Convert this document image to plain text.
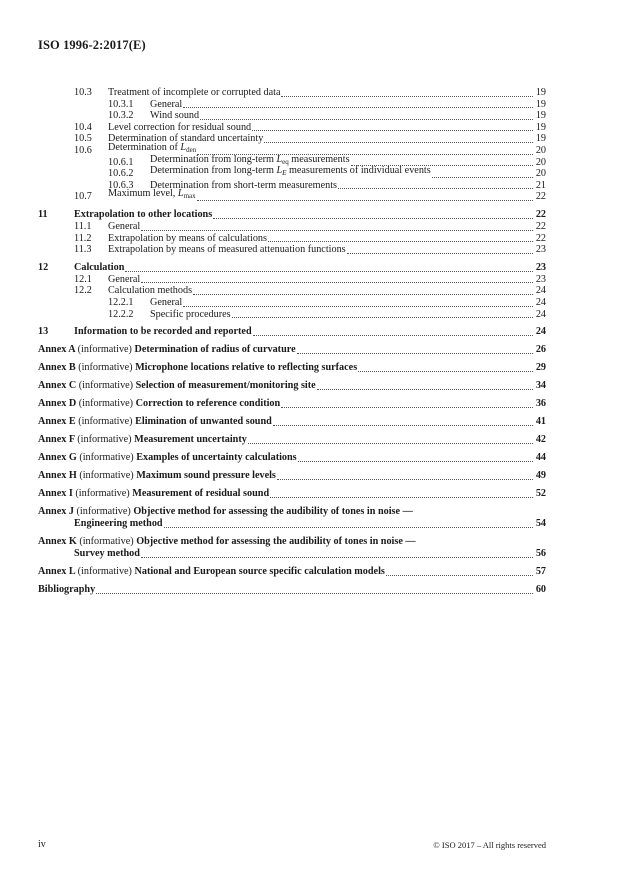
ISO 1996-2:2017(E)
10.3	Treatment of incomplete or corrupted data	19
10.3.1	General	19
10.3.2	Wind sound	19
10.4	Level correction for residual sound	19
10.5	Determination of standard uncertainty	19
10.6	Determination of $L_{den}$	20
10.6.1	Determination from long-term $L_{eq}$ measurements	20
10.6.2	Determination from long-term $L_E$ measurements of individual events	20
10.6.3	Determination from short-term measurements	21
10.7	Maximum level, $L_{max}$	22
11	Extrapolation to other locations	22
11.1	General	22
11.2	Extrapolation by means of calculations	22
11.3	Extrapolation by means of measured attenuation functions	23
12	Calculation	23
12.1	General	23
12.2	Calculation methods	24
12.2.1	General	24
12.2.2	Specific procedures	24
13	Information to be recorded and reported	24
Annex A (informative) Determination of radius of curvature	26
Annex B (informative) Microphone locations relative to reflecting surfaces	29
Annex C (informative) Selection of measurement/monitoring site	34
Annex D (informative) Correction to reference condition	36
Annex E (informative) Elimination of unwanted sound	41
Annex F (informative) Measurement uncertainty	42
Annex G (informative) Examples of uncertainty calculations	44
Annex H (informative) Maximum sound pressure levels	49
Annex I (informative) Measurement of residual sound	52
Annex J (informative) Objective method for assessing the audibility of tones in noise —
Engineering method	54
Annex K (informative) Objective method for assessing the audibility of tones in noise —
Survey method	56
Annex L (informative) National and European source specific calculation models	57
Bibliography	60
iv	© ISO 2017 – All rights reserved
